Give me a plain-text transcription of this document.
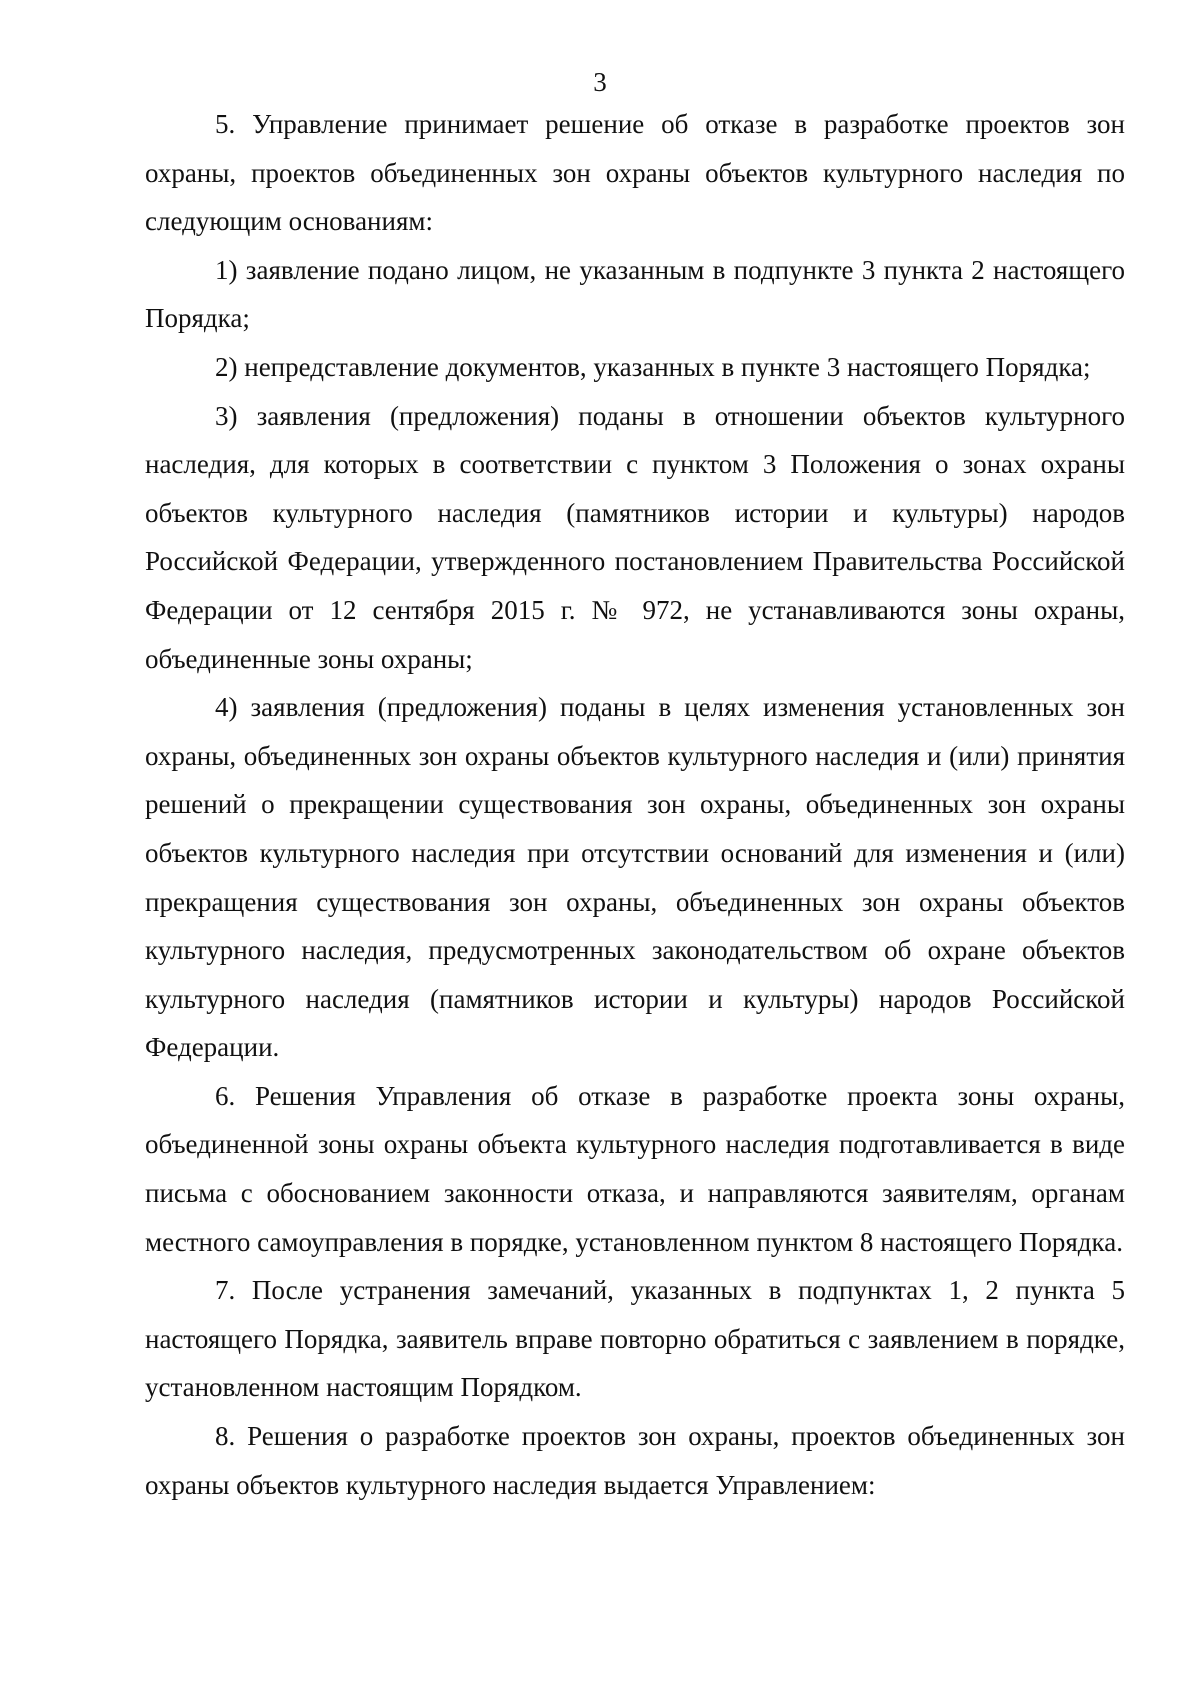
3

5. Управление принимает решение об отказе в разработке проектов зон охраны, проектов объединенных зон охраны объектов культурного наследия по следующим основаниям:

1) заявление подано лицом, не указанным в подпункте 3 пункта 2 настоящего Порядка;

2) непредставление документов, указанных в пункте 3 настоящего Порядка;

3) заявления (предложения) поданы в отношении объектов культурного наследия, для которых в соответствии с пунктом 3 Положения о зонах охраны объектов культурного наследия (памятников истории и культуры) народов Российской Федерации, утвержденного постановлением Правительства Российской Федерации от 12 сентября 2015 г. № 972, не устанавливаются зоны охраны, объединенные зоны охраны;

4) заявления (предложения) поданы в целях изменения установленных зон охраны, объединенных зон охраны объектов культурного наследия и (или) принятия решений о прекращении существования зон охраны, объединенных зон охраны объектов культурного наследия при отсутствии оснований для изменения и (или) прекращения существования зон охраны, объединенных зон охраны объектов культурного наследия, предусмотренных законодательством об охране объектов культурного наследия (памятников истории и культуры) народов Российской Федерации.

6. Решения Управления об отказе в разработке проекта зоны охраны, объединенной зоны охраны объекта культурного наследия подготавливается в виде письма с обоснованием законности отказа, и направляются заявителям, органам местного самоуправления в порядке, установленном пунктом 8 настоящего Порядка.

7. После устранения замечаний, указанных в подпунктах 1, 2 пункта 5 настоящего Порядка, заявитель вправе повторно обратиться с заявлением в порядке, установленном настоящим Порядком.

8. Решения о разработке проектов зон охраны, проектов объединенных зон охраны объектов культурного наследия выдается Управлением:
